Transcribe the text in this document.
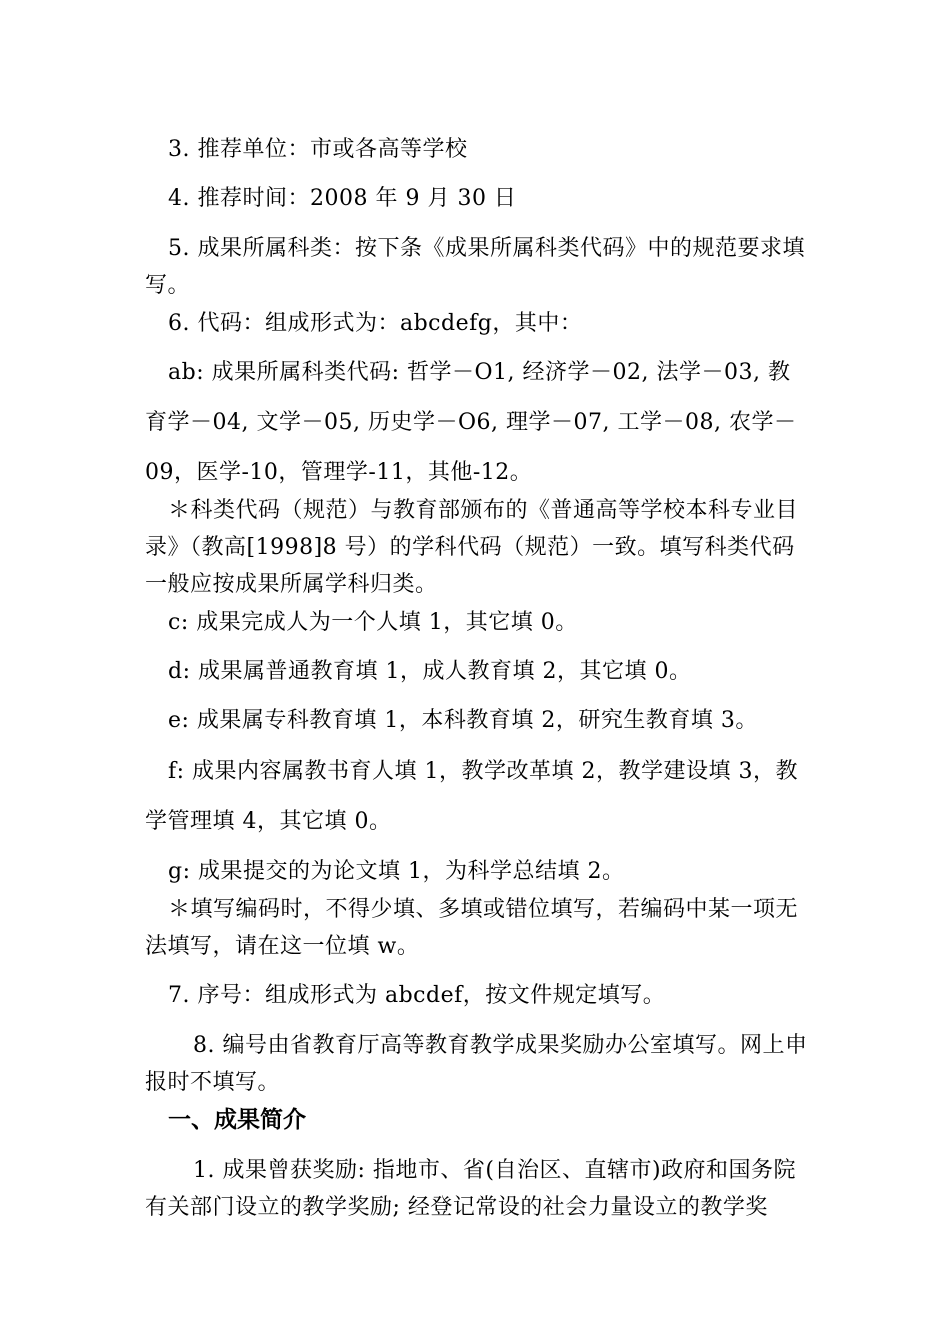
3. 推荐单位：市或各高等学校

4. 推荐时间：2008 年 9 月 30 日

5. 成果所属科类：按下条《成果所属科类代码》中的规范要求填写。

6. 代码：组成形式为：abcdefg，其中：

ab: 成果所属科类代码: 哲学－O1, 经济学－02, 法学－03, 教育学－04, 文学－05, 历史学－O6, 理学－07, 工学－08, 农学－09，医学-10，管理学-11，其他-12。

＊科类代码（规范）与教育部颁布的《普通高等学校本科专业目录》（教高[1998]8 号）的学科代码（规范）一致。填写科类代码一般应按成果所属学科归类。

c: 成果完成人为一个人填 1，其它填 0。

d: 成果属普通教育填 1，成人教育填 2，其它填 0。

e: 成果属专科教育填 1，本科教育填 2，研究生教育填 3。

f: 成果内容属教书育人填 1，教学改革填 2，教学建设填 3，教学管理填 4，其它填 0。

g: 成果提交的为论文填 1，为科学总结填 2。

＊填写编码时，不得少填、多填或错位填写，若编码中某一项无法填写，请在这一位填 w。

7. 序号：组成形式为 abcdef，按文件规定填写。

8. 编号由省教育厅高等教育教学成果奖励办公室填写。网上申报时不填写。

一、成果简介

1. 成果曾获奖励: 指地市、省(自治区、直辖市)政府和国务院有关部门设立的教学奖励; 经登记常设的社会力量设立的教学奖
